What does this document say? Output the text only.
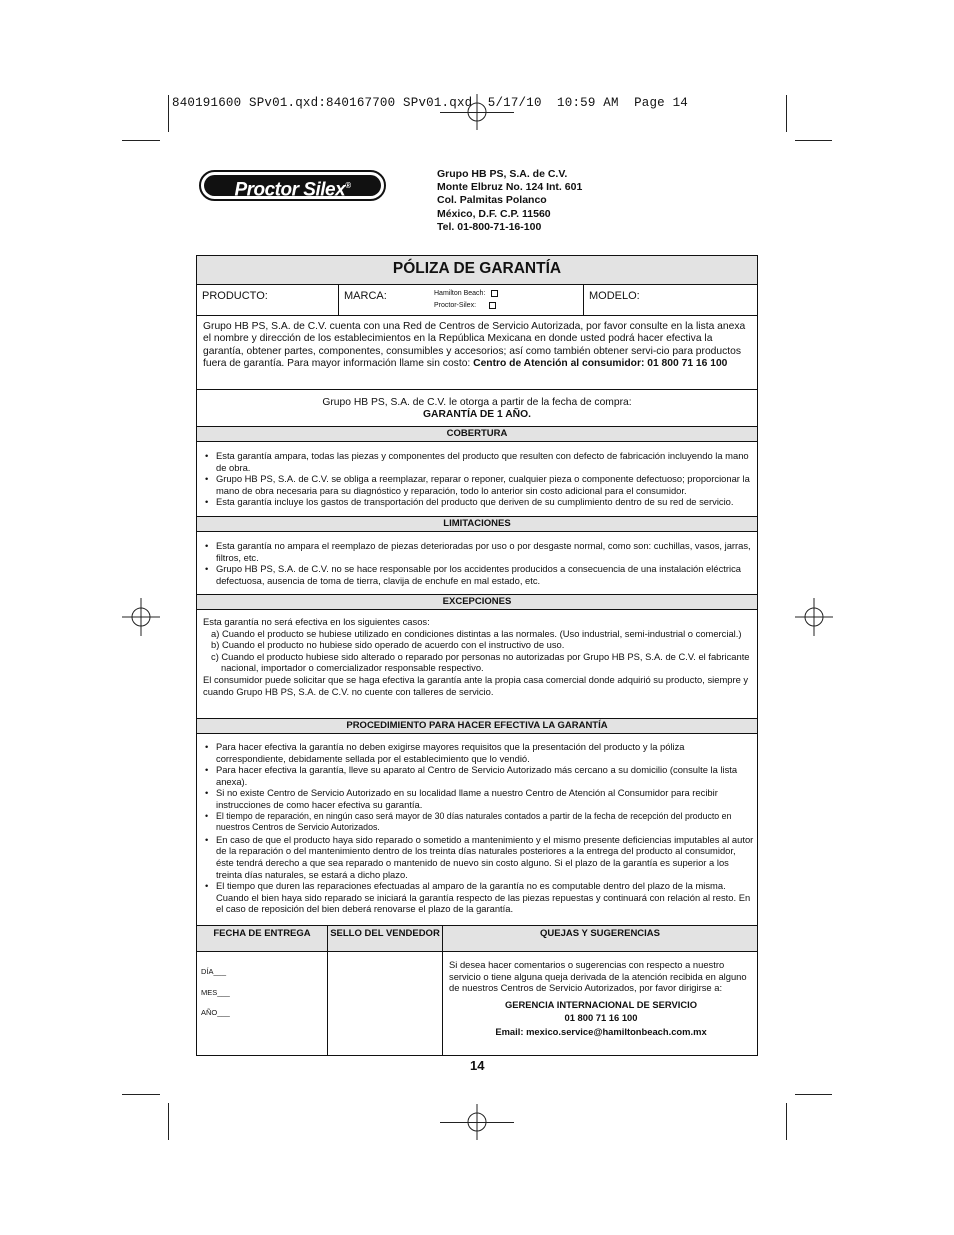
840191600 SPv01.qxd:840167700 SPv01.qxd  5/17/10  10:59 AM  Page 14
Proctor Silex®
Grupo HB PS, S.A. de C.V.
Monte Elbruz No. 124 Int. 601
Col. Palmitas Polanco
México, D.F. C.P. 11560
Tel. 01-800-71-16-100
PÓLIZA DE GARANTÍA
PRODUCTO:	MARCA:	Hamilton Beach:
Proctor-Silex:
MODELO:
Grupo HB PS, S.A. de C.V. cuenta con una Red de Centros de Servicio Autorizada, por favor consulte en la lista anexa el nombre y dirección de los establecimientos en la República Mexicana en donde usted podrá hacer efectiva la garantía, obtener partes, componentes, consumibles y accesorios; así como también obtener servi-cio para productos fuera de garantía. Para mayor información llame sin costo: Centro de Atención al consumidor: 01 800 71 16 100
Grupo HB PS, S.A. de C.V. le otorga a partir de la fecha de compra:
GARANTÍA DE 1 AÑO.
COBERTURA
• Esta garantía ampara, todas las piezas y componentes del producto que resulten con defecto de fabricación incluyendo la mano de obra.
• Grupo HB PS, S.A. de C.V. se obliga a reemplazar, reparar o reponer, cualquier pieza o componente defectuoso; proporcionar la mano de obra necesaria para su diagnóstico y reparación, todo lo anterior sin costo adicional para el consumidor.
• Esta garantía incluye los gastos de transportación del producto que deriven de su cumplimiento dentro de su red de servicio.
LIMITACIONES
• Esta garantía no ampara el reemplazo de piezas deterioradas por uso o por desgaste normal, como son: cuchillas, vasos, jarras, filtros, etc.
• Grupo HB PS, S.A. de C.V. no se hace responsable por los accidentes producidos a consecuencia de una instalación eléctrica defectuosa, ausencia de toma de tierra, clavija de enchufe en mal estado, etc.
EXCEPCIONES
Esta garantía no será efectiva en los siguientes casos:
a) Cuando el producto se hubiese utilizado en condiciones distintas a las normales. (Uso industrial, semi-industrial o comercial.)
b) Cuando el producto no hubiese sido operado de acuerdo con el instructivo de uso.
c) Cuando el producto hubiese sido alterado o reparado por personas no autorizadas por Grupo HB PS, S.A. de C.V. el fabricante nacional, importador o comercializador responsable respectivo.
El consumidor puede solicitar que se haga efectiva la garantía ante la propia casa comercial donde adquirió su producto, siempre y cuando Grupo HB PS, S.A. de C.V. no cuente con talleres de servicio.
PROCEDIMIENTO PARA HACER EFECTIVA LA GARANTÍA
• Para hacer efectiva la garantía no deben exigirse mayores requisitos que la presentación del producto y la póliza correspondiente, debidamente sellada por el establecimiento que lo vendió.
• Para hacer efectiva la garantía, lleve su aparato al Centro de Servicio Autorizado más cercano a su domicilio (consulte la lista anexa).
• Si no existe Centro de Servicio Autorizado en su localidad llame a nuestro Centro de Atención al Consumidor para recibir instrucciones de como hacer efectiva su garantía.
• El tiempo de reparación, en ningún caso será mayor de 30 días naturales contados a partir de la fecha de recepción del producto en nuestros Centros de Servicio Autorizados.
• En caso de que el producto haya sido reparado o sometido a mantenimiento y el mismo presente deficiencias imputables al autor de la reparación o del mantenimiento dentro de los treinta días naturales posteriores a la entrega del producto al consumidor, éste tendrá derecho a que sea reparado o mantenido de nuevo sin costo alguno. Si el plazo de la garantía es superior a los treinta días naturales, se estará a dicho plazo.
• El tiempo que duren las reparaciones efectuadas al amparo de la garantía no es computable dentro del plazo de la misma. Cuando el bien haya sido reparado se iniciará la garantía respecto de las piezas repuestas y continuará con relación al resto. En el caso de reposición del bien deberá renovarse el plazo de la garantía.
FECHA DE ENTREGA	SELLO DEL VENDEDOR	QUEJAS Y SUGERENCIAS
DÍA___
MES___
AÑO___
Si desea hacer comentarios o sugerencias con respecto a nuestro servicio o tiene alguna queja derivada de la atención recibida en alguno de nuestros Centros de Servicio Autorizados, por favor dirigirse a:
GERENCIA INTERNACIONAL DE SERVICIO
01 800 71 16 100
Email: mexico.service@hamiltonbeach.com.mx
14
